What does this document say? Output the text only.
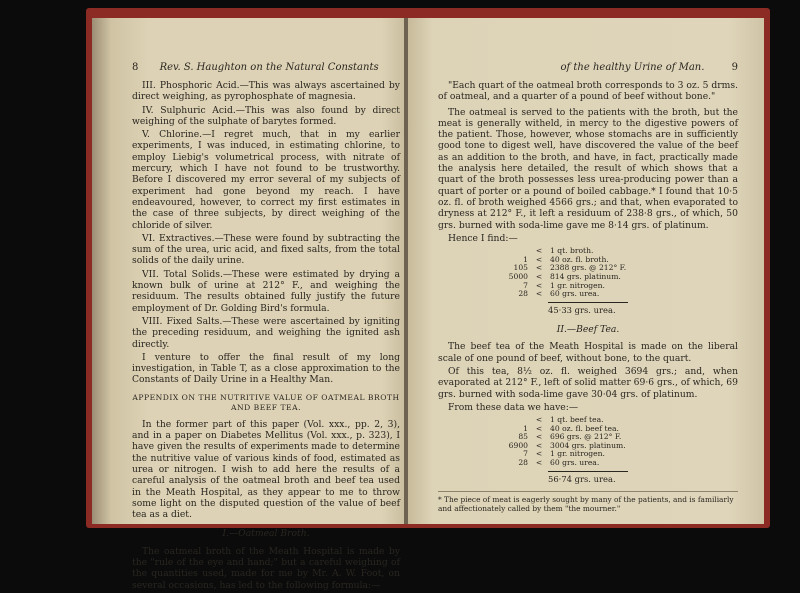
8 Rev. S. Haughton on the Natural Constants

III. Phosphoric Acid.—This was always ascertained by direct weighing, as pyrophosphate of magnesia.

IV. Sulphuric Acid.—This was also found by direct weighing of the sulphate of barytes formed.

V. Chlorine.—I regret much, that in my earlier experiments, I was induced, in estimating chlorine, to employ Liebig's volumetrical process, with nitrate of mercury, which I have not found to be trustworthy. Before I discovered my error several of my subjects of experiment had gone beyond my reach. I have endeavoured, however, to correct my first estimates in the case of three subjects, by direct weighing of the chloride of silver.

VI. Extractives.—These were found by subtracting the sum of the urea, uric acid, and fixed salts, from the total solids of the daily urine.

VII. Total Solids.—These were estimated by drying a known bulk of urine at 212° F., and weighing the residuum. The results obtained fully justify the future employment of Dr. Golding Bird's formula.

VIII. Fixed Salts.—These were ascertained by igniting the preceding residuum, and weighing the ignited ash directly.

I venture to offer the final result of my long investigation, in Table T, as a close approximation to the Constants of Daily Urine in a Healthy Man.

APPENDIX ON THE NUTRITIVE VALUE OF OATMEAL BROTH AND BEEF TEA.

In the former part of this paper (Vol. xxx., pp. 2, 3), and in a paper on Diabetes Mellitus (Vol. xxx., p. 323), I have given the results of experiments made to determine the nutritive value of various kinds of food, estimated as urea or nitrogen. I wish to add here the results of a careful analysis of the oatmeal broth and beef tea used in the Meath Hospital, as they appear to me to throw some light on the disputed question of the value of beef tea as a diet.

I.—Oatmeal Broth.

The oatmeal broth of the Meath Hospital is made by the "rule of the eye and hand;" but a careful weighing of the quantities used, made for me by Mr. A. W. Foot, on several occasions, has led to the following formula:—

of the healthy Urine of Man.	9

"Each quart of the oatmeal broth corresponds to 3 oz. 5 drms. of oatmeal, and a quarter of a pound of beef without bone."

The oatmeal is served to the patients with the broth, but the meat is generally witheld, in mercy to the digestive powers of the patient. Those, however, whose stomachs are in sufficiently good tone to digest well, have discovered the value of the beef as an addition to the broth, and have, in fact, practically made the analysis here detailed, the result of which shows that a quart of the broth possesses less urea-producing power than a quart of porter or a pound of boiled cabbage.* I found that 10·5 oz. fl. of broth weighed 4566 grs.; and that, when evaporated to dryness at 212° F., it left a residuum of 238·8 grs., of which, 50 grs. burned with soda-lime gave me 8·14 grs. of platinum.

Hence I find:—

<	1 qt. broth.
1	<	40 oz. fl. broth.
105	<	2388 grs. @ 212° F.
5000	<	814 grs. platinum.
7	<	1 gr. nitrogen.
28	<	60 grs. urea.
45·33 grs. urea.
II.—Beef Tea.

The beef tea of the Meath Hospital is made on the liberal scale of one pound of beef, without bone, to the quart.

Of this tea, 8½ oz. fl. weighed 3694 grs.; and, when evaporated at 212° F., left of solid matter 69·6 grs., of which, 69 grs. burned with soda-lime gave 30·04 grs. of platinum.

From these data we have:—

<	1 qt. beef tea.
1	<	40 oz. fl. beef tea.
85	<	696 grs. @ 212° F.
6900	<	3004 grs. platinum.
7	<	1 gr. nitrogen.
28	<	60 grs. urea.
56·74 grs. urea.
* The piece of meat is eagerly sought by many of the patients, and is familiarly and affectionately called by them "the mourner."
